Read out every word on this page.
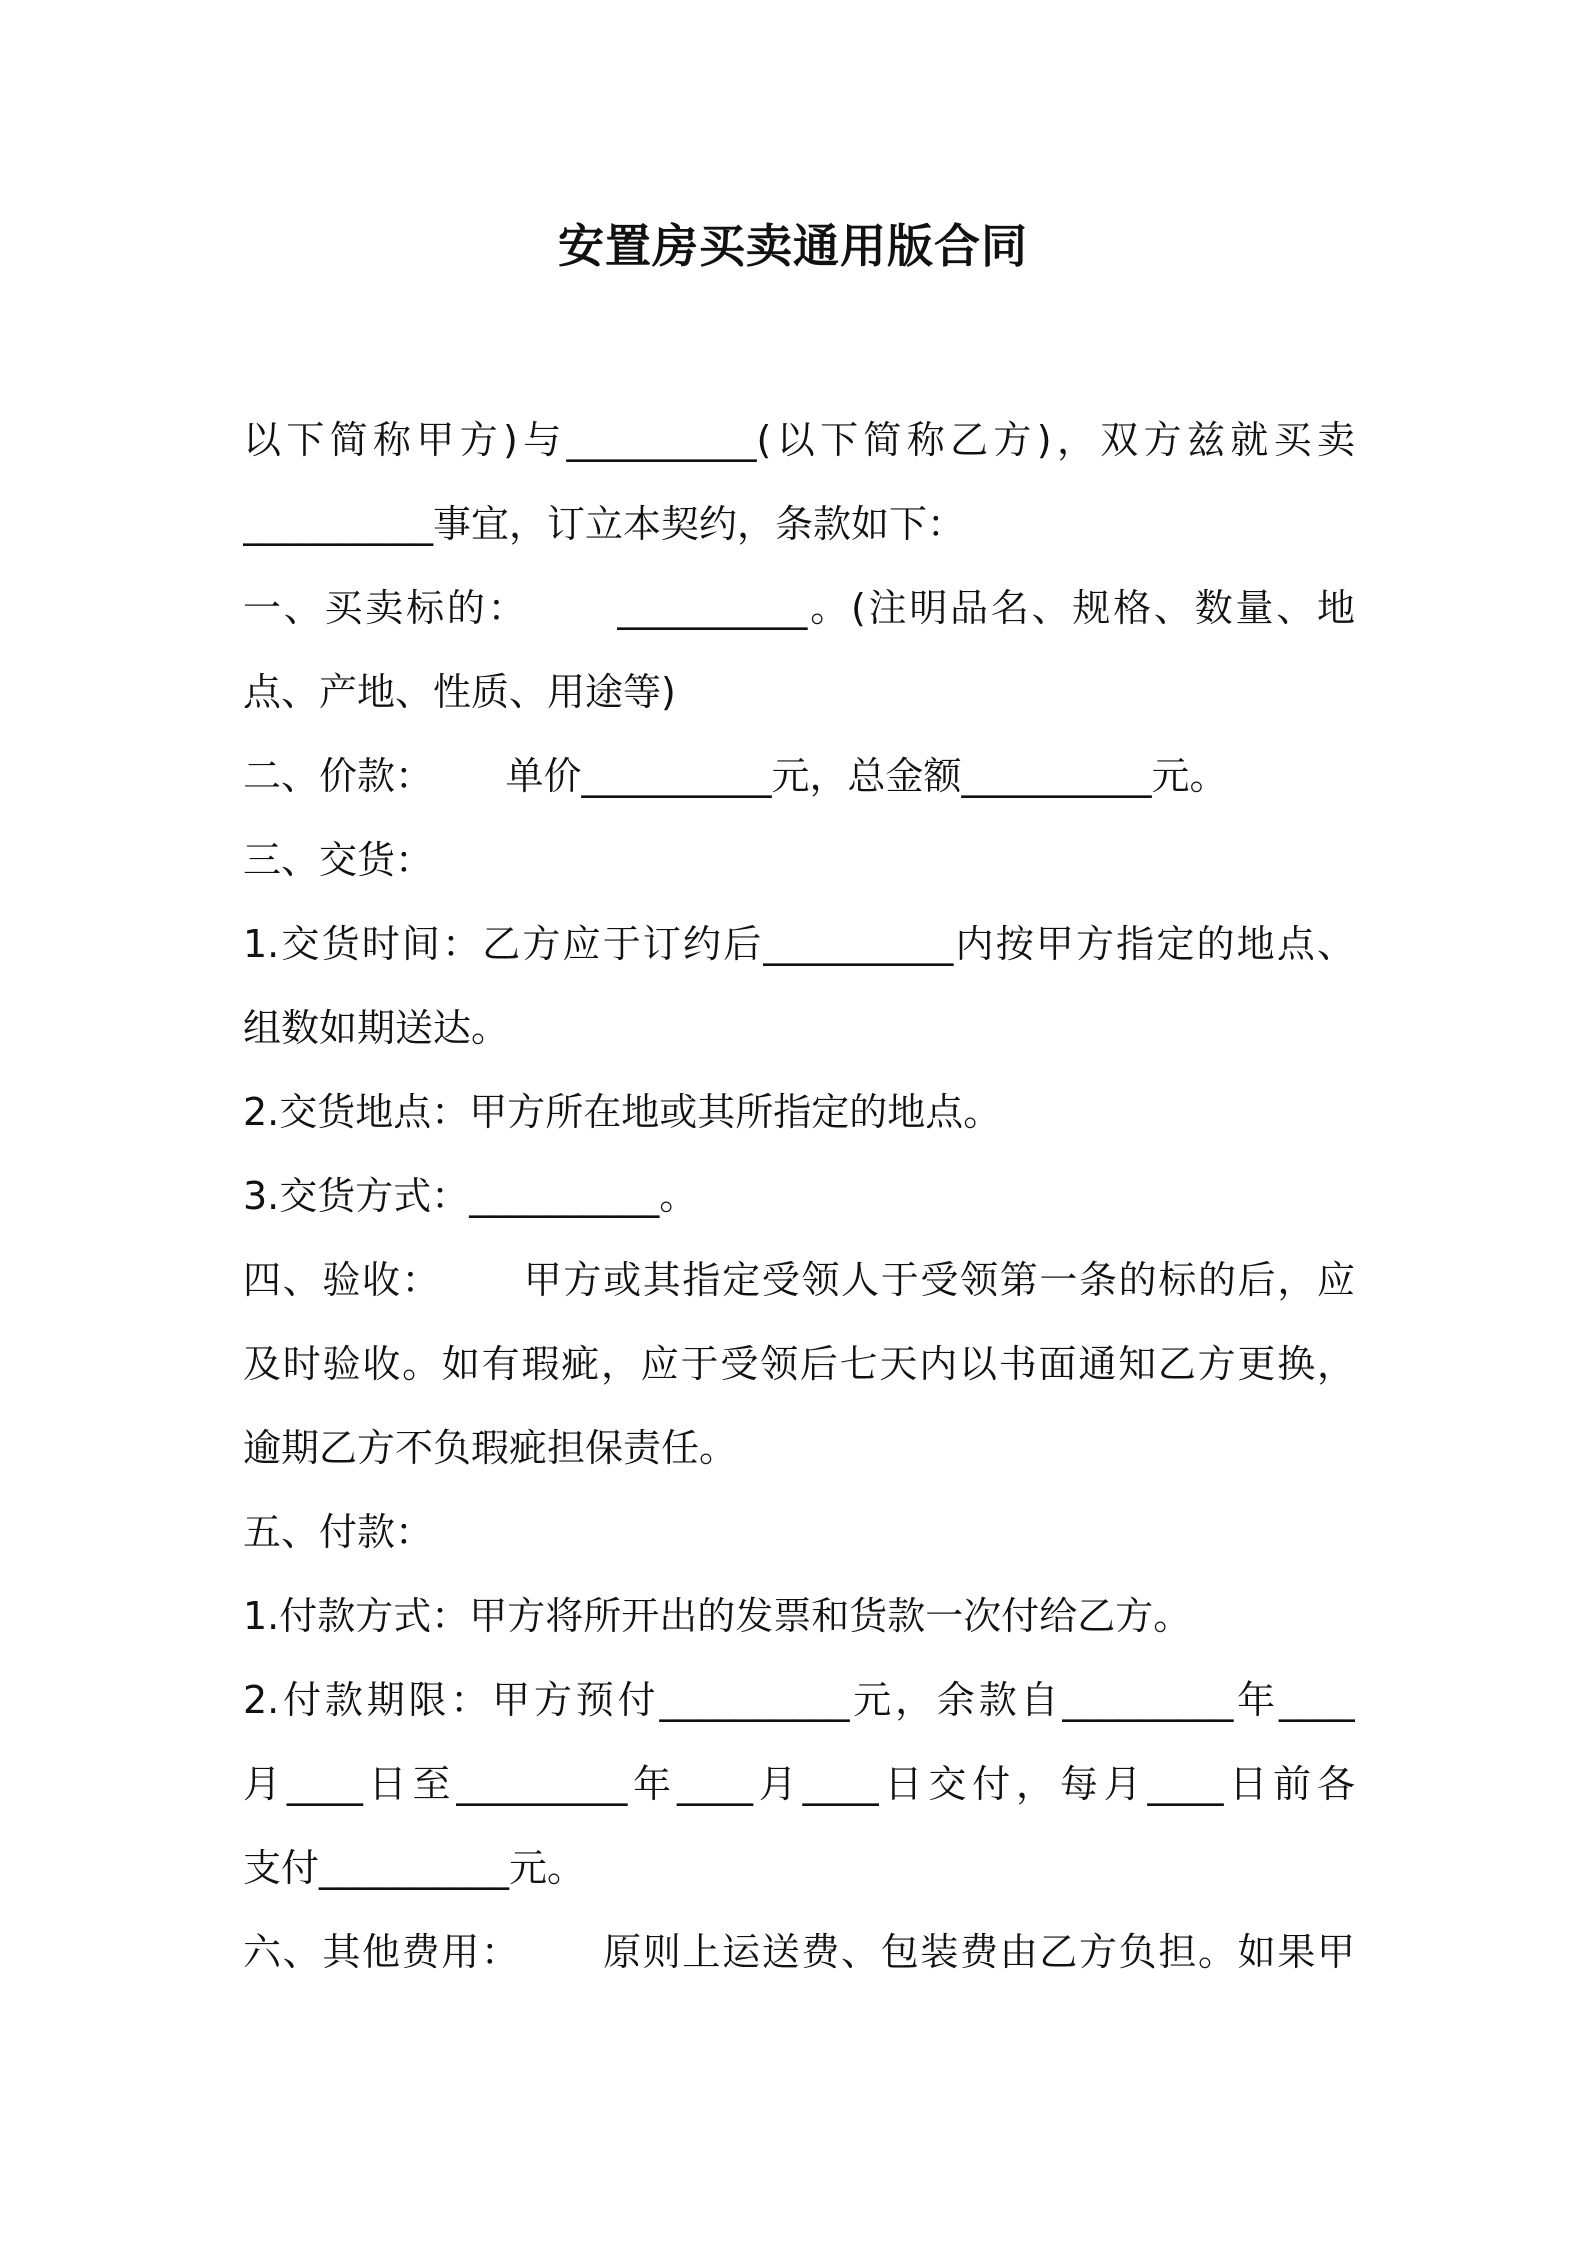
安置房买卖通用版合同
以下简称甲方)与__________(以下简称乙方)，双方兹就买卖
__________事宜，订立本契约，条款如下：
一、买卖标的：      __________。(注明品名、规格、数量、地
点、产地、性质、用途等)
二、价款：      单价__________元，总金额__________元。
三、交货：
1.交货时间：乙方应于订约后__________内按甲方指定的地点、
组数如期送达。
2.交货地点：甲方所在地或其所指定的地点。
3.交货方式：__________。
四、验收：      甲方或其指定受领人于受领第一条的标的后，应
及时验收。如有瑕疵，应于受领后七天内以书面通知乙方更换，
逾期乙方不负瑕疵担保责任。
五、付款：
1.付款方式：甲方将所开出的发票和货款一次付给乙方。
2.付款期限：甲方预付__________元，余款自_________年____
月____日至_________年____月____日交付，每月____日前各
支付__________元。
六、其他费用：      原则上运送费、包装费由乙方负担。如果甲
